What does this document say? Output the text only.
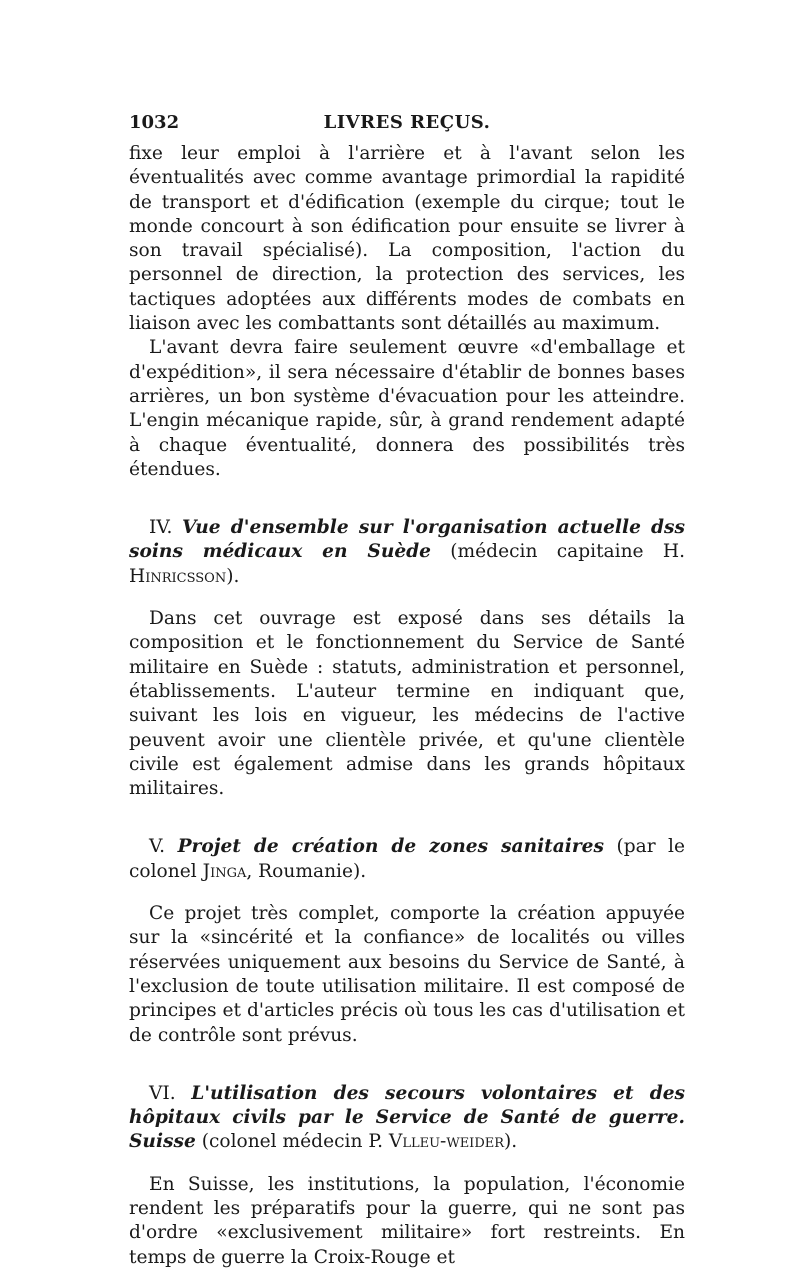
1032	LIVRES REÇUS.

fixe leur emploi à l'arrière et à l'avant selon les éventualités avec comme avantage primordial la rapidité de transport et d'édification (exemple du cirque; tout le monde concourt à son édification pour ensuite se livrer à son travail spécialisé). La composition, l'action du personnel de direction, la protection des services, les tactiques adoptées aux différents modes de combats en liaison avec les combattants sont détaillés au maximum.

L'avant devra faire seulement œuvre «d'emballage et d'expédition», il sera nécessaire d'établir de bonnes bases arrières, un bon système d'évacuation pour les atteindre. L'engin mécanique rapide, sûr, à grand rendement adapté à chaque éventualité, donnera des possibilités très étendues.

IV. Vue d'ensemble sur l'organisation actuelle dss soins médicaux en Suède (médecin capitaine H. Hinricsson).

Dans cet ouvrage est exposé dans ses détails la composition et le fonctionnement du Service de Santé militaire en Suède : statuts, administration et personnel, établissements. L'auteur termine en indiquant que, suivant les lois en vigueur, les médecins de l'active peuvent avoir une clientèle privée, et qu'une clientèle civile est également admise dans les grands hôpitaux militaires.

V. Projet de création de zones sanitaires (par le colonel Jinga, Roumanie).

Ce projet très complet, comporte la création appuyée sur la «sincérité et la confiance» de localités ou villes réservées uniquement aux besoins du Service de Santé, à l'exclusion de toute utilisation militaire. Il est composé de principes et d'articles précis où tous les cas d'utilisation et de contrôle sont prévus.

VI. L'utilisation des secours volontaires et des hôpitaux civils par le Service de Santé de guerre. Suisse (colonel médecin P. Vlleu-weider).

En Suisse, les institutions, la population, l'économie rendent les préparatifs pour la guerre, qui ne sont pas d'ordre «exclusivement militaire» fort restreints. En temps de guerre la Croix-Rouge et
